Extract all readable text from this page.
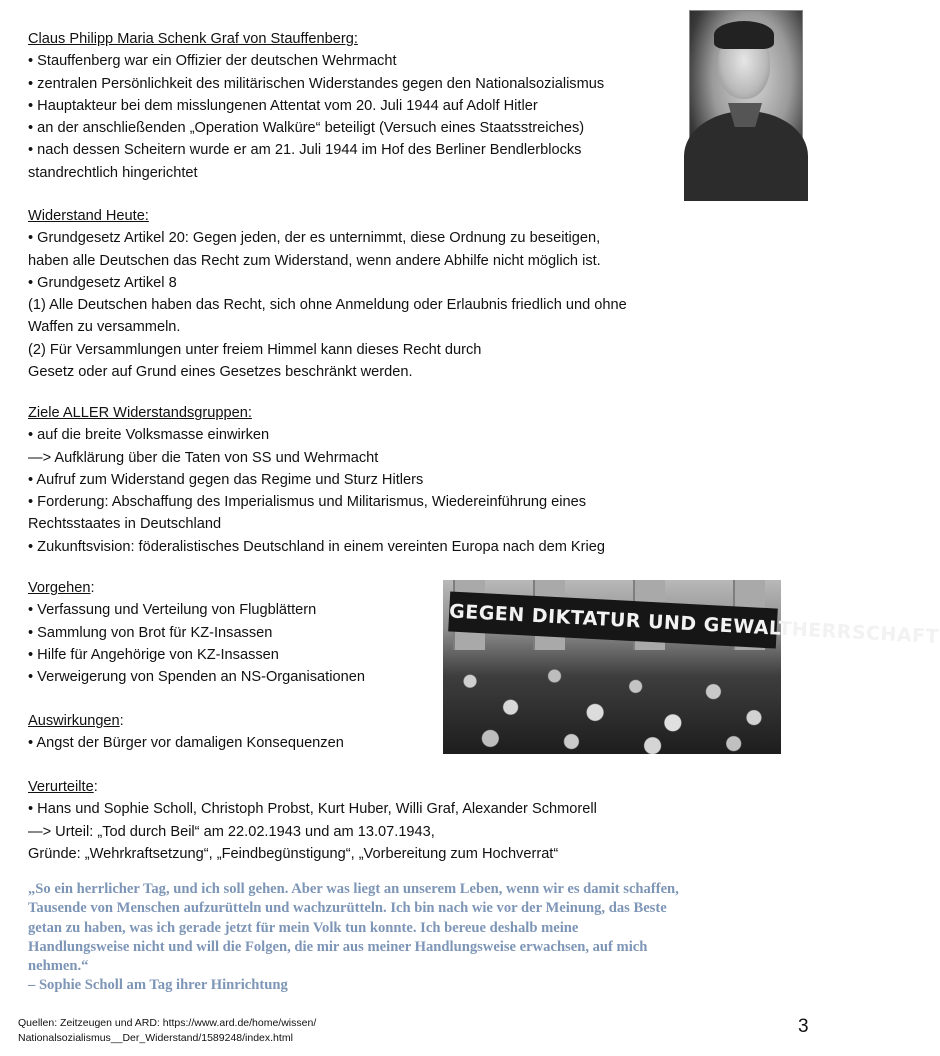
Claus Philipp Maria Schenk Graf von Stauffenberg:

• Stauffenberg war ein Offizier der deutschen Wehrmacht

• zentralen Persönlichkeit des militärischen Widerstandes gegen den Nationalsozialismus

• Hauptakteur bei dem misslungenen Attentat vom 20. Juli 1944 auf Adolf Hitler

• an der anschließenden „Operation Walküre“ beteiligt (Versuch eines Staatsstreiches)

• nach dessen Scheitern wurde er am 21. Juli 1944 im Hof des Berliner Bendlerblocks

standrechtlich hingerichtet

Widerstand Heute:

• Grundgesetz Artikel 20: Gegen jeden, der es unternimmt, diese Ordnung zu beseitigen,

haben alle Deutschen das Recht zum Widerstand, wenn andere Abhilfe nicht möglich ist.

• Grundgesetz Artikel 8

(1) Alle Deutschen haben das Recht, sich ohne Anmeldung oder Erlaubnis friedlich und ohne

Waffen zu versammeln.

(2) Für Versammlungen unter freiem Himmel kann dieses Recht durch

Gesetz oder auf Grund eines Gesetzes beschränkt werden.

Ziele ALLER Widerstandsgruppen:

• auf die breite Volksmasse einwirken

—> Aufklärung über die Taten von SS und Wehrmacht

• Aufruf zum Widerstand gegen das Regime und Sturz Hitlers

• Forderung: Abschaffung des Imperialismus und Militarismus, Wiedereinführung eines

Rechtsstaates in Deutschland

• Zukunftsvision: föderalistisches Deutschland in einem vereinten Europa nach dem Krieg

Vorgehen:

• Verfassung und Verteilung von Flugblättern

• Sammlung von Brot für KZ-Insassen

• Hilfe für Angehörige von KZ-Insassen

• Verweigerung von Spenden an NS-Organisationen

GEGEN DIKTATUR UND GEWALTHERRSCHAFT

Auswirkungen:

• Angst der Bürger vor damaligen Konsequenzen

Verurteilte:

• Hans und Sophie Scholl, Christoph Probst, Kurt Huber, Willi Graf, Alexander Schmorell

—> Urteil: „Tod durch Beil“ am 22.02.1943 und am 13.07.1943,

Gründe: „Wehrkraftsetzung“, „Feindbegünstigung“, „Vorbereitung zum Hochverrat“

„So ein herrlicher Tag, und ich soll gehen. Aber was liegt an unserem Leben, wenn wir es damit schaffen,

Tausende von Menschen aufzurütteln und wachzurütteln. Ich bin nach wie vor der Meinung, das Beste

getan zu haben, was ich gerade jetzt für mein Volk tun konnte. Ich bereue deshalb meine

Handlungsweise nicht und will die Folgen, die mir aus meiner Handlungsweise erwachsen, auf mich

nehmen.“

– Sophie Scholl am Tag ihrer Hinrichtung

Quellen: Zeitzeugen und ARD: https://www.ard.de/home/wissen/

Nationalsozialismus__Der_Widerstand/1589248/index.html

3
